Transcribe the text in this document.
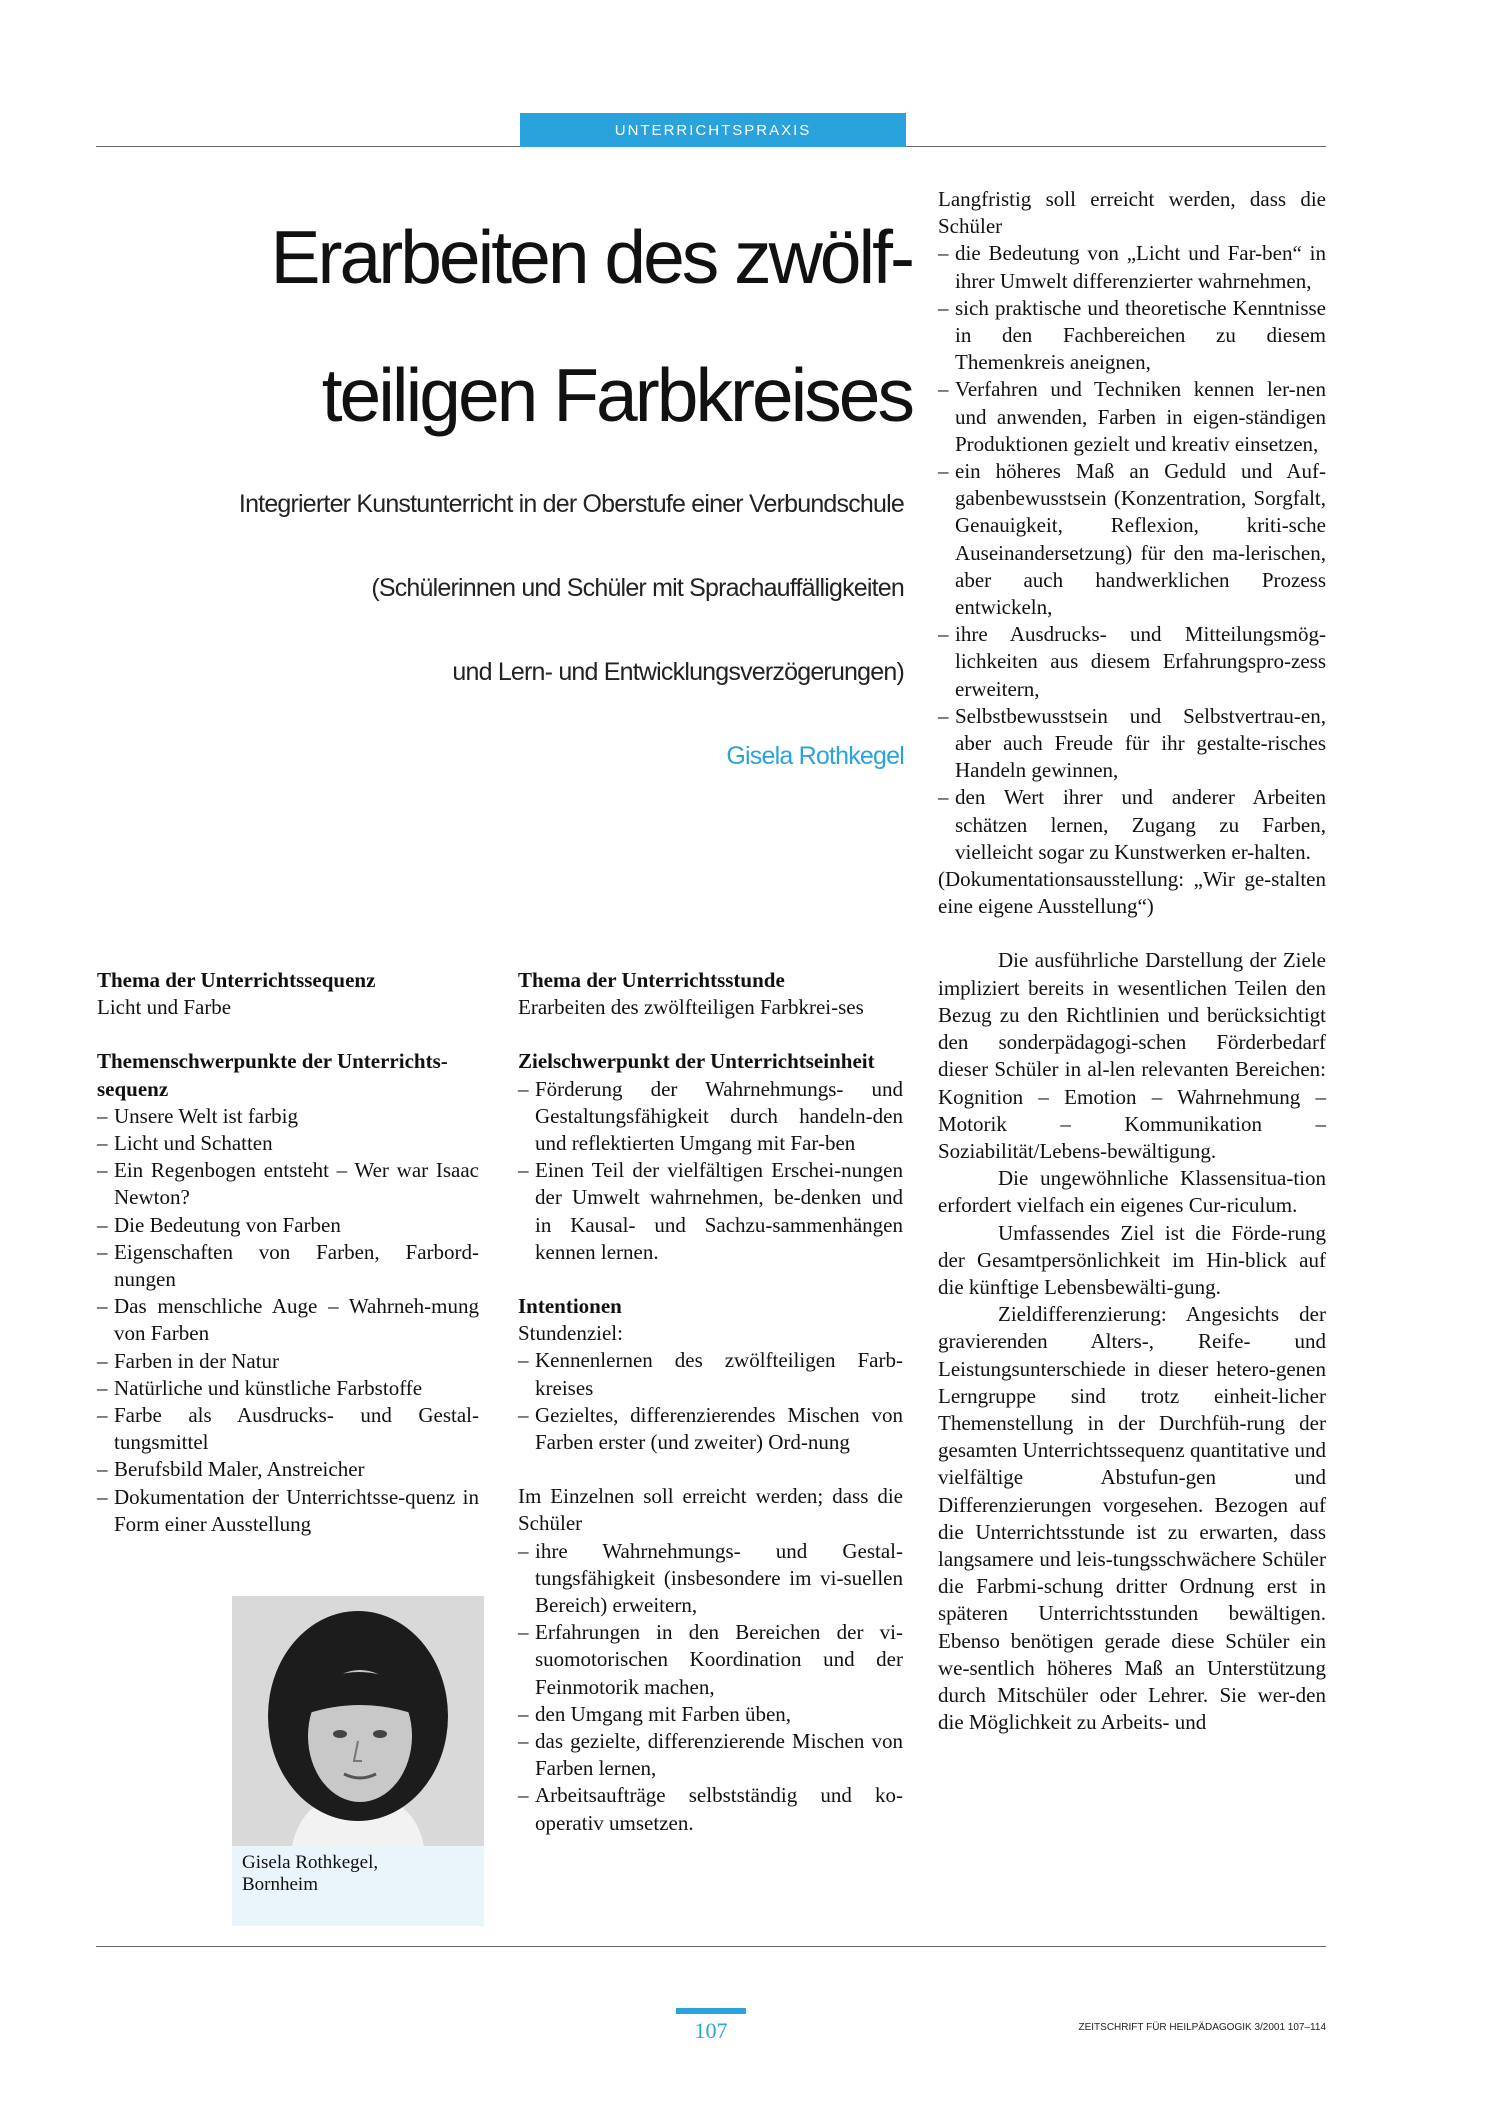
UNTERRICHTSPRAXIS
Erarbeiten des zwölf-
teiligen Farbkreises
Integrierter Kunstunterricht in der Oberstufe einer Verbundschule
(Schülerinnen und Schüler mit Sprachauffälligkeiten
und Lern- und Entwicklungsverzögerungen)
Gisela Rothkegel

Thema der Unterrichtssequenz

Licht und Farbe

Themenschwerpunkte der Unterrichts-sequenz

– Unsere Welt ist farbig
– Licht und Schatten
– Ein Regenbogen entsteht – Wer war Isaac Newton?
– Die Bedeutung von Farben
– Eigenschaften von Farben, Farbord-nungen
– Das menschliche Auge – Wahrneh-mung von Farben
– Farben in der Natur
– Natürliche und künstliche Farbstoffe
– Farbe als Ausdrucks- und Gestal-tungsmittel
– Berufsbild Maler, Anstreicher
– Dokumentation der Unterrichtsse-quenz in Form einer Ausstellung
Gisela Rothkegel,
Bornheim

Thema der Unterrichtsstunde

Erarbeiten des zwölfteiligen Farbkrei-ses

Zielschwerpunkt der Unterrichtseinheit

– Förderung der Wahrnehmungs- und Gestaltungsfähigkeit durch handeln-den und reflektierten Umgang mit Far-ben
– Einen Teil der vielfältigen Erschei-nungen der Umwelt wahrnehmen, be-denken und in Kausal- und Sachzu-sammenhängen kennen lernen.

Intentionen

Stundenziel:

– Kennenlernen des zwölfteiligen Farb-kreises
– Gezieltes, differenzierendes Mischen von Farben erster (und zweiter) Ord-nung

Im Einzelnen soll erreicht werden; dass die Schüler

– ihre Wahrnehmungs- und Gestal-tungsfähigkeit (insbesondere im vi-suellen Bereich) erweitern,
– Erfahrungen in den Bereichen der vi-suomotorischen Koordination und der Feinmotorik machen,
– den Umgang mit Farben üben,
– das gezielte, differenzierende Mischen von Farben lernen,
– Arbeitsaufträge selbstständig und ko-operativ umsetzen.

Langfristig soll erreicht werden, dass die Schüler

– die Bedeutung von „Licht und Far-ben“ in ihrer Umwelt differenzierter wahrnehmen,
– sich praktische und theoretische Kenntnisse in den Fachbereichen zu diesem Themenkreis aneignen,
– Verfahren und Techniken kennen ler-nen und anwenden, Farben in eigen-ständigen Produktionen gezielt und kreativ einsetzen,
– ein höheres Maß an Geduld und Auf-gabenbewusstsein (Konzentration, Sorgfalt, Genauigkeit, Reflexion, kriti-sche Auseinandersetzung) für den ma-lerischen, aber auch handwerklichen Prozess entwickeln,
– ihre Ausdrucks- und Mitteilungsmög-lichkeiten aus diesem Erfahrungspro-zess erweitern,
– Selbstbewusstsein und Selbstvertrau-en, aber auch Freude für ihr gestalte-risches Handeln gewinnen,
– den Wert ihrer und anderer Arbeiten schätzen lernen, Zugang zu Farben, vielleicht sogar zu Kunstwerken er-halten.

(Dokumentationsausstellung: „Wir ge-stalten eine eigene Ausstellung“)

Die ausführliche Darstellung der Ziele impliziert bereits in wesentlichen Teilen den Bezug zu den Richtlinien und berücksichtigt den sonderpädagogi-schen Förderbedarf dieser Schüler in al-len relevanten Bereichen: Kognition – Emotion – Wahrnehmung – Motorik – Kommunikation – Soziabilität/Lebens-bewältigung.

Die ungewöhnliche Klassensitua-tion erfordert vielfach ein eigenes Cur-riculum.

Umfassendes Ziel ist die Förde-rung der Gesamtpersönlichkeit im Hin-blick auf die künftige Lebensbewälti-gung.

Zieldifferenzierung: Angesichts der gravierenden Alters-, Reife- und Leistungsunterschiede in dieser hetero-genen Lerngruppe sind trotz einheit-licher Themenstellung in der Durchfüh-rung der gesamten Unterrichtssequenz quantitative und vielfältige Abstufun-gen und Differenzierungen vorgesehen. Bezogen auf die Unterrichtsstunde ist zu erwarten, dass langsamere und leis-tungsschwächere Schüler die Farbmi-schung dritter Ordnung erst in späteren Unterrichtsstunden bewältigen. Ebenso benötigen gerade diese Schüler ein we-sentlich höheres Maß an Unterstützung durch Mitschüler oder Lehrer. Sie wer-den die Möglichkeit zu Arbeits- und

107	ZEITSCHRIFT FÜR HEILPÄDAGOGIK 3/2001 107–114
